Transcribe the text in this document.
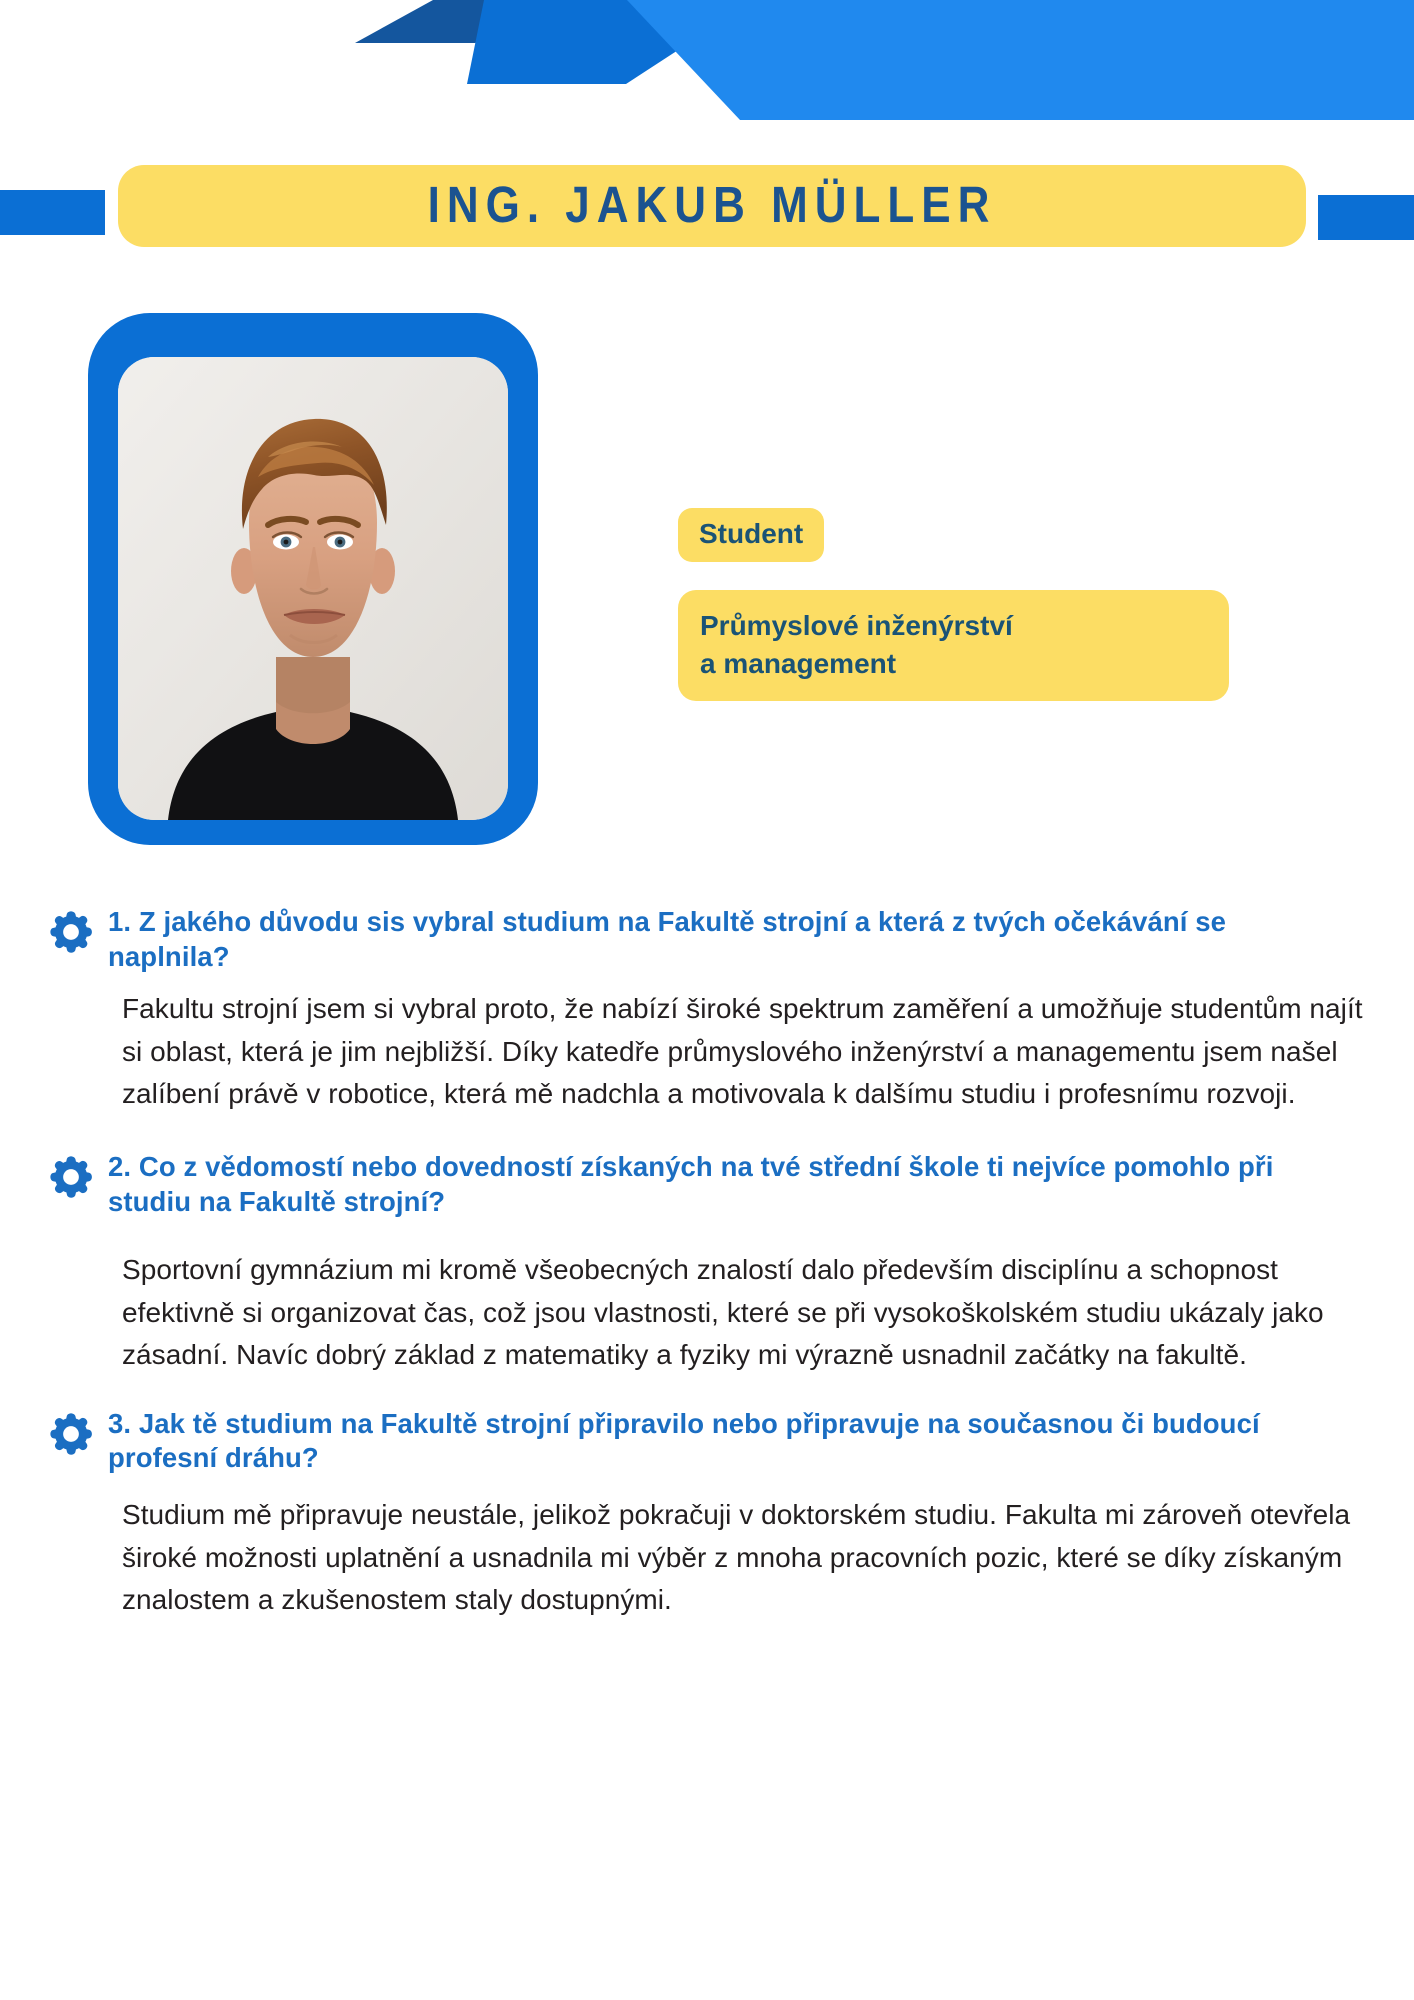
ING. JAKUB MÜLLER
Student
Průmyslové inženýrství
a management
1. Z jakého důvodu sis vybral studium na Fakultě strojní a která z tvých očekávání se naplnila?
Fakultu strojní jsem si vybral proto, že nabízí široké spektrum zaměření a umožňuje studentům najít si oblast, která je jim nejbližší. Díky katedře průmyslového inženýrství a managementu jsem našel zalíbení právě v robotice, která mě nadchla a motivovala k dalšímu studiu i profesnímu rozvoji.
2. Co z vědomostí nebo dovedností získaných na tvé střední škole ti nejvíce pomohlo při studiu na Fakultě strojní?
Sportovní gymnázium mi kromě všeobecných znalostí dalo především disciplínu a schopnost efektivně si organizovat čas, což jsou vlastnosti, které se při vysokoškolském studiu ukázaly jako zásadní. Navíc dobrý základ z matematiky a fyziky mi výrazně usnadnil začátky na fakultě.
3. Jak tě studium na Fakultě strojní připravilo nebo připravuje na současnou či budoucí profesní dráhu?
Studium mě připravuje neustále, jelikož pokračuji v doktorském studiu. Fakulta mi zároveň otevřela široké možnosti uplatnění a usnadnila mi výběr z mnoha pracovních pozic, které se díky získaným znalostem a zkušenostem staly dostupnými.
